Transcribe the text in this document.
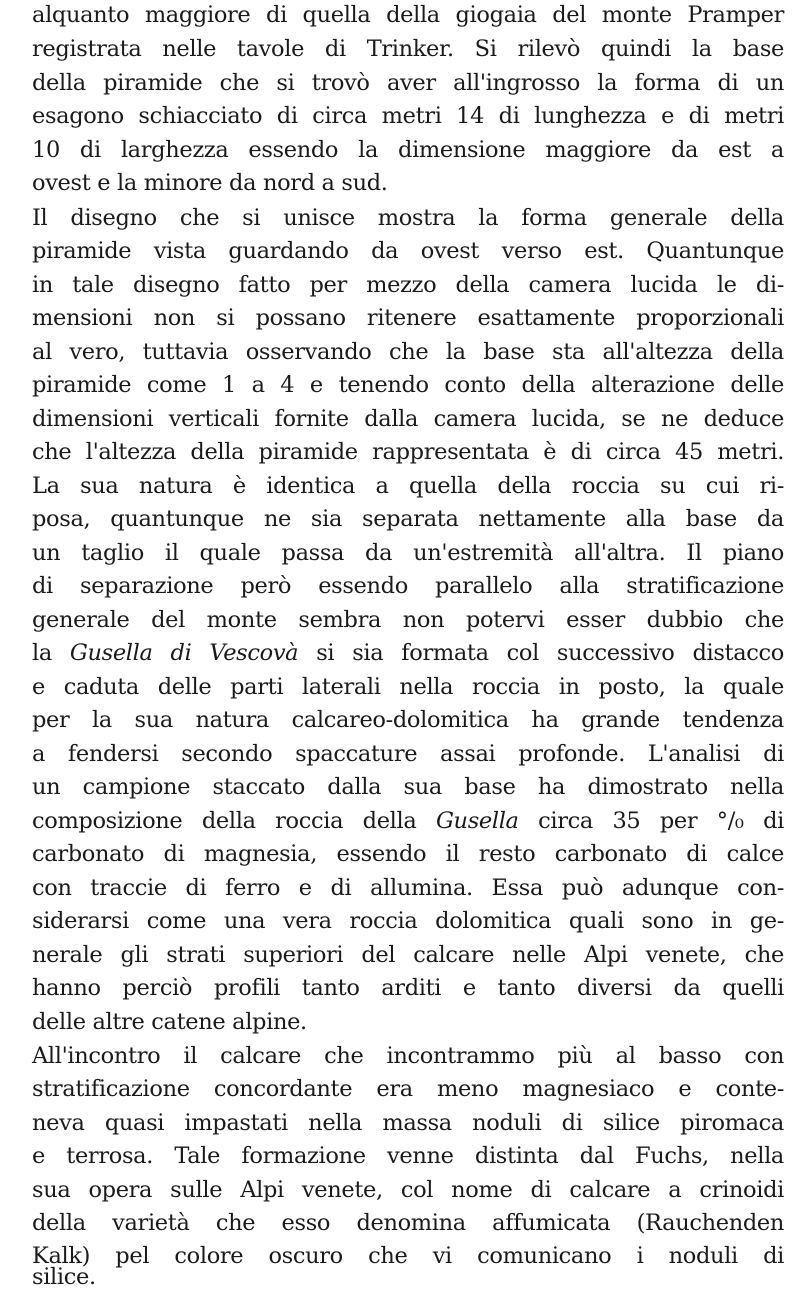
alquanto maggiore di quella della giogaia del monte Pramper
registrata nelle tavole di Trinker. Si rilevò quindi la base
della piramide che si trovò aver all'ingrosso la forma di un
esagono schiacciato di circa metri 14 di lunghezza e di metri
10 di larghezza essendo la dimensione maggiore da est a
ovest e la minore da nord a sud.
Il disegno che si unisce mostra la forma generale della
piramide vista guardando da ovest verso est. Quantunque
in tale disegno fatto per mezzo della camera lucida le di-
mensioni non si possano ritenere esattamente proporzionali
al vero, tuttavia osservando che la base sta all'altezza della
piramide come 1 a 4 e tenendo conto della alterazione delle
dimensioni verticali fornite dalla camera lucida, se ne deduce
che l'altezza della piramide rappresentata è di circa 45 metri.
La sua natura è identica a quella della roccia su cui ri-
posa, quantunque ne sia separata nettamente alla base da
un taglio il quale passa da un'estremità all'altra. Il piano
di separazione però essendo parallelo alla stratificazione
generale del monte sembra non potervi esser dubbio che
la Gusella di Vescovà si sia formata col successivo distacco
e caduta delle parti laterali nella roccia in posto, la quale
per la sua natura calcareo-dolomitica ha grande tendenza
a fendersi secondo spaccature assai profonde. L'analisi di
un campione staccato dalla sua base ha dimostrato nella
composizione della roccia della Gusella circa 35 per °/₀ di
carbonato di magnesia, essendo il resto carbonato di calce
con traccie di ferro e di allumina. Essa può adunque con-
siderarsi come una vera roccia dolomitica quali sono in ge-
nerale gli strati superiori del calcare nelle Alpi venete, che
hanno perciò profili tanto arditi e tanto diversi da quelli
delle altre catene alpine.
All'incontro il calcare che incontrammo più al basso con
stratificazione concordante era meno magnesiaco e conte-
neva quasi impastati nella massa noduli di silice piromaca
e terrosa. Tale formazione venne distinta dal Fuchs, nella
sua opera sulle Alpi venete, col nome di calcare a crinoidi
della varietà che esso denomina affumicata (Rauchenden
Kalk) pel colore oscuro che vi comunicano i noduli di
silice.
